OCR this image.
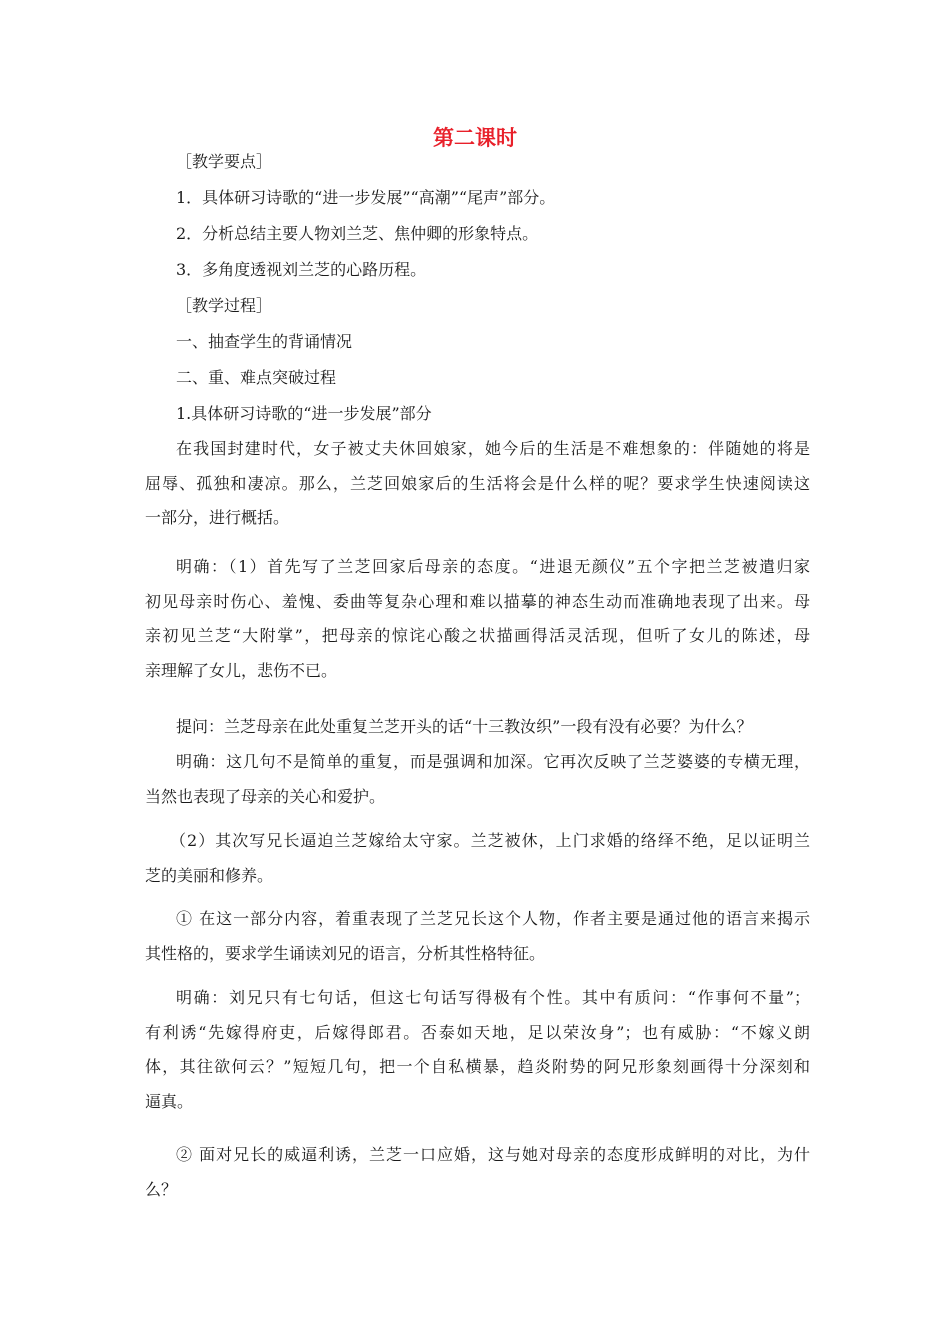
第二课时
［教学要点］
1．具体研习诗歌的“进一步发展”“高潮”“尾声”部分。
2．分析总结主要人物刘兰芝、焦仲卿的形象特点。
3．多角度透视刘兰芝的心路历程。
［教学过程］
一、抽查学生的背诵情况
二、重、难点突破过程
1.具体研习诗歌的“进一步发展”部分
在我国封建时代，女子被丈夫休回娘家，她今后的生活是不难想象的：伴随她的将是
屈辱、孤独和凄凉。那么，兰芝回娘家后的生活将会是什么样的呢？要求学生快速阅读这
一部分，进行概括。
明确：（1）首先写了兰芝回家后母亲的态度。“进退无颜仪”五个字把兰芝被遣归家
初见母亲时伤心、羞愧、委曲等复杂心理和难以描摹的神态生动而准确地表现了出来。母
亲初见兰芝“大附掌”，把母亲的惊诧心酸之状描画得活灵活现，但听了女儿的陈述，母
亲理解了女儿，悲伤不已。
提问：兰芝母亲在此处重复兰芝开头的话“十三教汝织”一段有没有必要？为什么？
明确：这几句不是简单的重复，而是强调和加深。它再次反映了兰芝婆婆的专横无理，
当然也表现了母亲的关心和爱护。
（2）其次写兄长逼迫兰芝嫁给太守家。兰芝被休，上门求婚的络绎不绝，足以证明兰
芝的美丽和修养。
① 在这一部分内容，着重表现了兰芝兄长这个人物，作者主要是通过他的语言来揭示
其性格的，要求学生诵读刘兄的语言，分析其性格特征。
明确：刘兄只有七句话，但这七句话写得极有个性。其中有质问：“作事何不量”；
有利诱“先嫁得府吏，后嫁得郎君。否泰如天地，足以荣汝身”；也有威胁：“不嫁义朗
体，其往欲何云？”短短几句，把一个自私横暴，趋炎附势的阿兄形象刻画得十分深刻和
逼真。
② 面对兄长的威逼利诱，兰芝一口应婚，这与她对母亲的态度形成鲜明的对比，为什
么？
